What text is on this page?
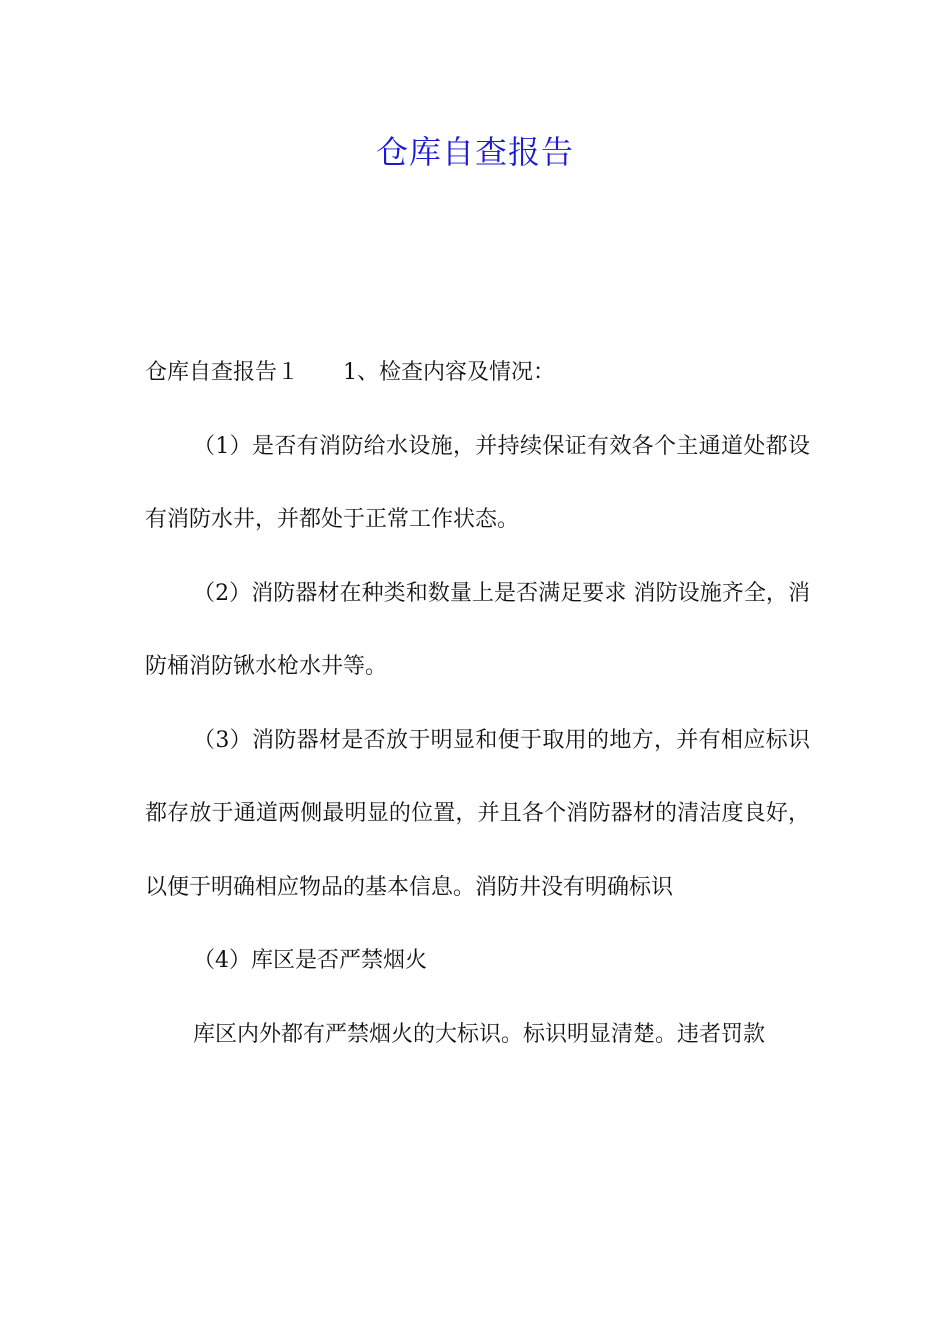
仓库自查报告

仓库自查报告１ 1、检查内容及情况：

（1）是否有消防给水设施，并持续保证有效各个主通道处都设有消防水井，并都处于正常工作状态。

（2）消防器材在种类和数量上是否满足要求 消防设施齐全，消防桶消防锹水枪水井等。

（3）消防器材是否放于明显和便于取用的地方，并有相应标识都存放于通道两侧最明显的位置，并且各个消防器材的清洁度良好，以便于明确相应物品的基本信息。消防井没有明确标识

（4）库区是否严禁烟火

库区内外都有严禁烟火的大标识。标识明显清楚。违者罚款
